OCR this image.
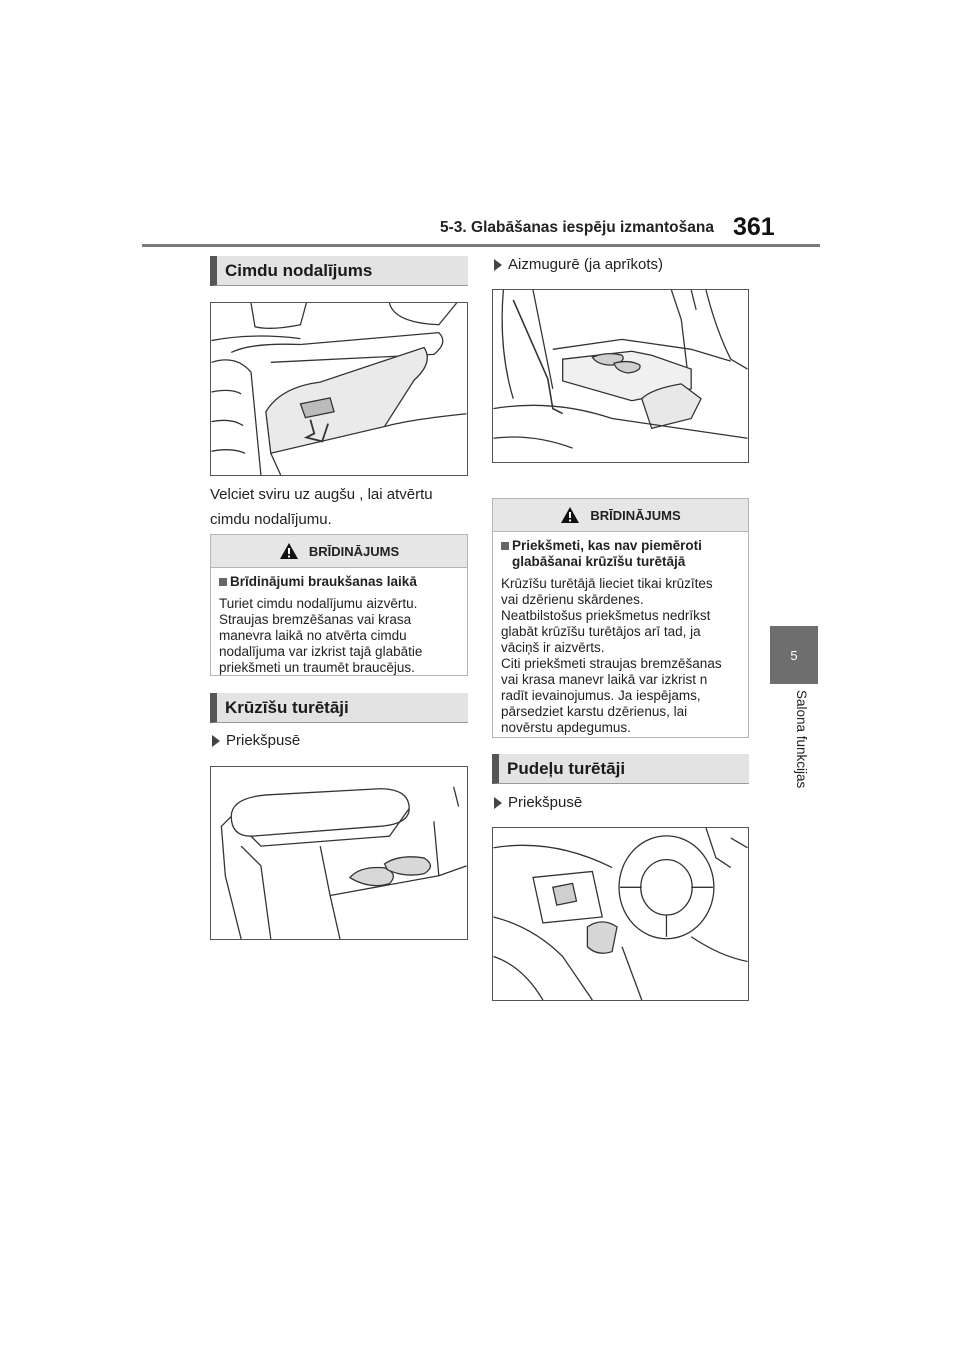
5-3. Glabāšanas iespēju izmantošana 361
5
Salona funkcijas
Cimdu nodalījums
Velciet sviru uz augšu , lai atvērtu
cimdu nodalījumu.
BRĪDINĀJUMS
Brīdinājumi braukšanas laikā
Turiet cimdu nodalījumu aizvērtu.
Straujas bremzēšanas vai krasa
manevra laikā no atvērta cimdu
nodalījuma var izkrist tajā glabātie
priekšmeti un traumēt braucējus.
Krūzīšu turētāji
Priekšpusē
Aizmugurē (ja aprīkots)
BRĪDINĀJUMS
Priekšmeti, kas nav piemēroti
glabāšanai krūzīšu turētājā
Krūzīšu turētājā lieciet tikai krūzītes
vai dzērienu skārdenes.
Neatbilstošus priekšmetus nedrīkst
glabāt krūzīšu turētājos arī tad, ja
vāciņš ir aizvērts.
Citi priekšmeti straujas bremzēšanas
vai krasa manevr laikā var izkrist n
radīt ievainojumus. Ja iespējams,
pārsedziet karstu dzērienus, lai
novērstu apdegumus.
Pudeļu turētāji
Priekšpusē
